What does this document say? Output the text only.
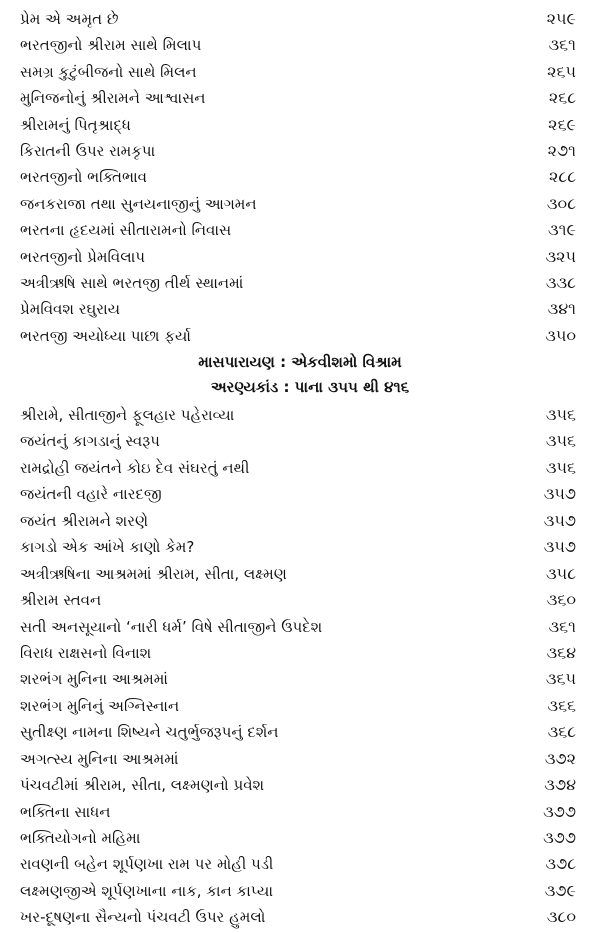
પ્રેમ એ અમૃત છે	૨૫૯
ભરતજીનો શ્રીરામ સાથે મિલાપ	૩૬૧
સમગ્ર કુટુંબીજનો સાથે મિલન	૨૬૫
મુનિજનોનું શ્રીરામને આશ્વાસન	૨૬૮
શ્રીરામનું પિતૃશ્રાદ્ધ	૨૬૯
કિરાતની ઉપર રામકૃપા	૨૭૧
ભરતજીનો ભક્તિભાવ	૨૮૮
જનકરાજા તથા સુનયનાજીનું આગમન	૩૦૮
ભરતના હૃદયમાં સીતારામનો નિવાસ	૩૧૯
ભરતજીનો પ્રેમવિલાપ	૩૨૫
અત્રીઋષિ સાથે ભરતજી તીર્થ સ્થાનમાં	૩૩૮
પ્રેમવિવશ રઘુરાય	૩૪૧
ભરતજી અયોધ્યા પાછા ફર્યા	૩૫૦
માસપારાયણ : એકવીશમો વિશ્રામ
અરણ્યકાંડ : પાના ૩૫૫ થી ૪૧૬
શ્રીરામે, સીતાજીને ફૂલહાર પહેરાવ્યા	૩૫૬
જયંતનું કાગડાનું સ્વરૂપ	૩૫૬
રામદ્રોહી જયંતને કોઇ દેવ સંઘરતું નથી	૩૫૬
જયંતની વહારે નારદજી	૩૫૭
જયંત શ્રીરામને શરણે	૩૫૭
કાગડો એક આંખે કાણો કેમ?	૩૫૭
અત્રીઋષિના આશ્રમમાં શ્રીરામ, સીતા, લક્ષ્મણ	૩૫૮
શ્રીરામ સ્તવન	૩૬૦
સતી અનસૂયાનો ‘નારી ધર્મ’ વિષે સીતાજીને ઉપદેશ	૩૬૧
વિરાધ રાક્ષસનો વિનાશ	૩૬૪
શરભંગ મુનિના આશ્રમમાં	૩૬૫
શરભંગ મુનિનું અગ્નિસ્નાન	૩૬૬
સુતીક્ષ્ણ નામના શિષ્યને ચતુર્ભુજરૂપનું દર્શન	૩૬૮
અગત્સ્ય મુનિના આશ્રમમાં	૩૭૨
પંચવટીમાં શ્રીરામ, સીતા, લક્ષ્મણનો પ્રવેશ	૩૭૪
ભક્તિના સાધન	૩૭૭
ભક્તિયોગનો મહિમા	૩૭૭
રાવણની બહેન શૂર્પણખા રામ પર મોહી પડી	૩૭૮
લક્ષ્મણજીએ શૂર્પણખાના નાક, કાન કાપ્યા	૩૭૯
ખર-દૂષણના સૈન્યનો પંચવટી ઉપર હુમલો	૩૮૦
